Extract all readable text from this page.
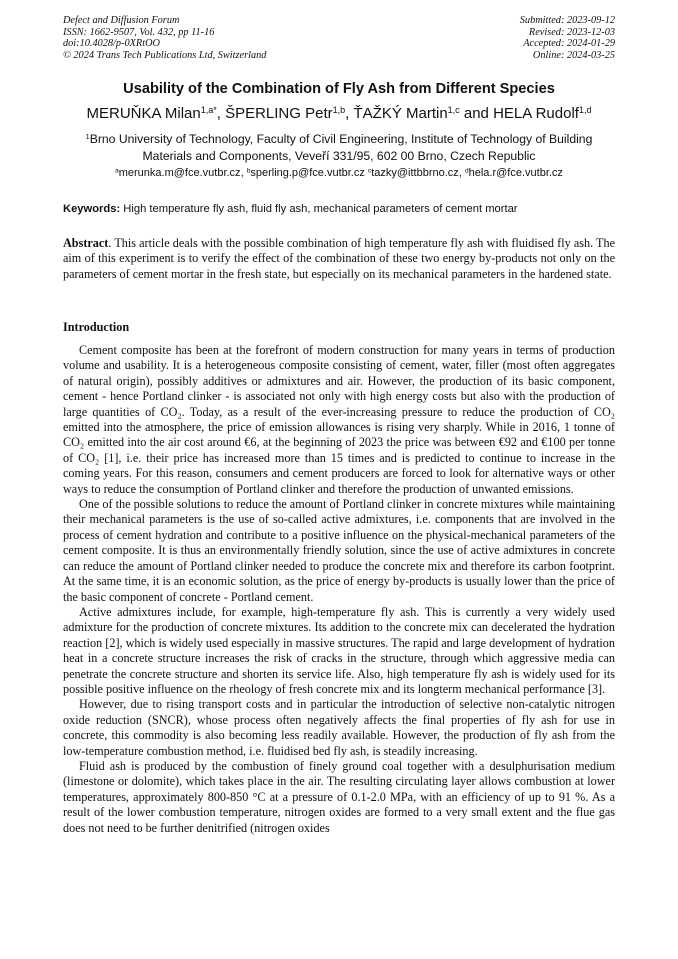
Defect and Diffusion Forum
ISSN: 1662-9507, Vol. 432, pp 11-16
doi:10.4028/p-0XRtOO
© 2024 Trans Tech Publications Ltd, Switzerland
Submitted: 2023-09-12
Revised: 2023-12-03
Accepted: 2024-01-29
Online: 2024-03-25
Usability of the Combination of Fly Ash from Different Species
MERUŇKA Milan$^{1,a*}$, ŠPERLING Petr$^{1,b}$, ŤAŽKÝ Martin$^{1,c}$ and HELA Rudolf$^{1,d}$
$^1$Brno University of Technology, Faculty of Civil Engineering, Institute of Technology of Building Materials and Components, Veveří 331/95, 602 00 Brno, Czech Republic
$^a$merunka.m@fce.vutbr.cz, $^b$sperling.p@fce.vutbr.cz $^c$tazky@ittbbrno.cz, $^d$hela.r@fce.vutbr.cz
Keywords: High temperature fly ash, fluid fly ash, mechanical parameters of cement mortar

Abstract. This article deals with the possible combination of high temperature fly ash with fluidised fly ash. The aim of this experiment is to verify the effect of the combination of these two energy by-products not only on the parameters of cement mortar in the fresh state, but especially on its mechanical parameters in the hardened state.

Introduction

Cement composite has been at the forefront of modern construction for many years in terms of production volume and usability. It is a heterogeneous composite consisting of cement, water, filler (most often aggregates of natural origin), possibly additives or admixtures and air. However, the production of its basic component, cement - hence Portland clinker - is associated not only with high energy costs but also with the production of large quantities of CO₂. Today, as a result of the ever-increasing pressure to reduce the production of CO₂ emitted into the atmosphere, the price of emission allowances is rising very sharply. While in 2016, 1 tonne of CO₂ emitted into the air cost around €6, at the beginning of 2023 the price was between €92 and €100 per tonne of CO₂ [1], i.e. their price has increased more than 15 times and is predicted to continue to increase in the coming years. For this reason, consumers and cement producers are forced to look for alternative ways or other ways to reduce the consumption of Portland clinker and therefore the production of unwanted emissions.

One of the possible solutions to reduce the amount of Portland clinker in concrete mixtures while maintaining their mechanical parameters is the use of so-called active admixtures, i.e. components that are involved in the process of cement hydration and contribute to a positive influence on the physical-mechanical parameters of the cement composite. It is thus an environmentally friendly solution, since the use of active admixtures in concrete can reduce the amount of Portland clinker needed to produce the concrete mix and therefore its carbon footprint. At the same time, it is an economic solution, as the price of energy by-products is usually lower than the price of the basic component of concrete - Portland cement.

Active admixtures include, for example, high-temperature fly ash. This is currently a very widely used admixture for the production of concrete mixtures. Its addition to the concrete mix can decelerated the hydration reaction [2], which is widely used especially in massive structures. The rapid and large development of hydration heat in a concrete structure increases the risk of cracks in the structure, through which aggressive media can penetrate the concrete structure and shorten its service life. Also, high temperature fly ash is widely used for its possible positive influence on the rheology of fresh concrete mix and its longterm mechanical performance [3].

However, due to rising transport costs and in particular the introduction of selective non-catalytic nitrogen oxide reduction (SNCR), whose process often negatively affects the final properties of fly ash for use in concrete, this commodity is also becoming less readily available. However, the production of fly ash from the low-temperature combustion method, i.e. fluidised bed fly ash, is steadily increasing.

Fluid ash is produced by the combustion of finely ground coal together with a desulphurisation medium (limestone or dolomite), which takes place in the air. The resulting circulating layer allows combustion at lower temperatures, approximately 800-850 °C at a pressure of 0.1-2.0 MPa, with an efficiency of up to 91 %. As a result of the lower combustion temperature, nitrogen oxides are formed to a very small extent and the flue gas does not need to be further denitrified (nitrogen oxides
